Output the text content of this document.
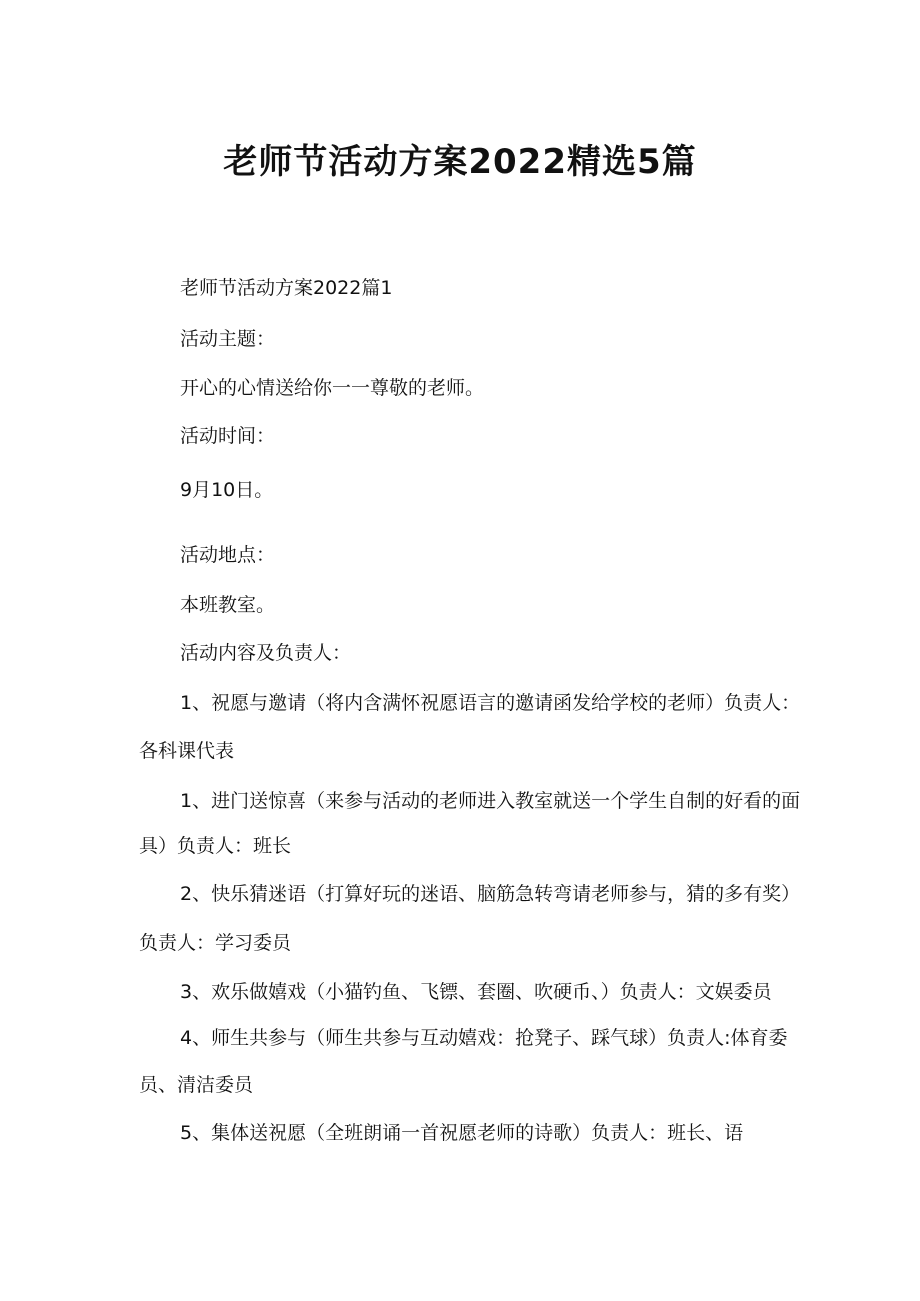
老师节活动方案2022精选5篇
老师节活动方案2022篇1
活动主题：
开心的心情送给你一一尊敬的老师。
活动时间：
9月10日。
活动地点：
本班教室。
活动内容及负责人：
1、祝愿与邀请（将内含满怀祝愿语言的邀请函发给学校的老师）负责人：
各科课代表
1、进门送惊喜（来参与活动的老师进入教室就送一个学生自制的好看的面
具）负责人：班长
2、快乐猜迷语（打算好玩的迷语、脑筋急转弯请老师参与，猜的多有奖）
负责人：学习委员
3、欢乐做嬉戏（小猫钓鱼、飞镖、套圈、吹硬币、）负责人：文娱委员
4、师生共参与（师生共参与互动嬉戏：抢凳子、踩气球）负责人:体育委
员、清洁委员
5、集体送祝愿（全班朗诵一首祝愿老师的诗歌）负责人：班长、语
